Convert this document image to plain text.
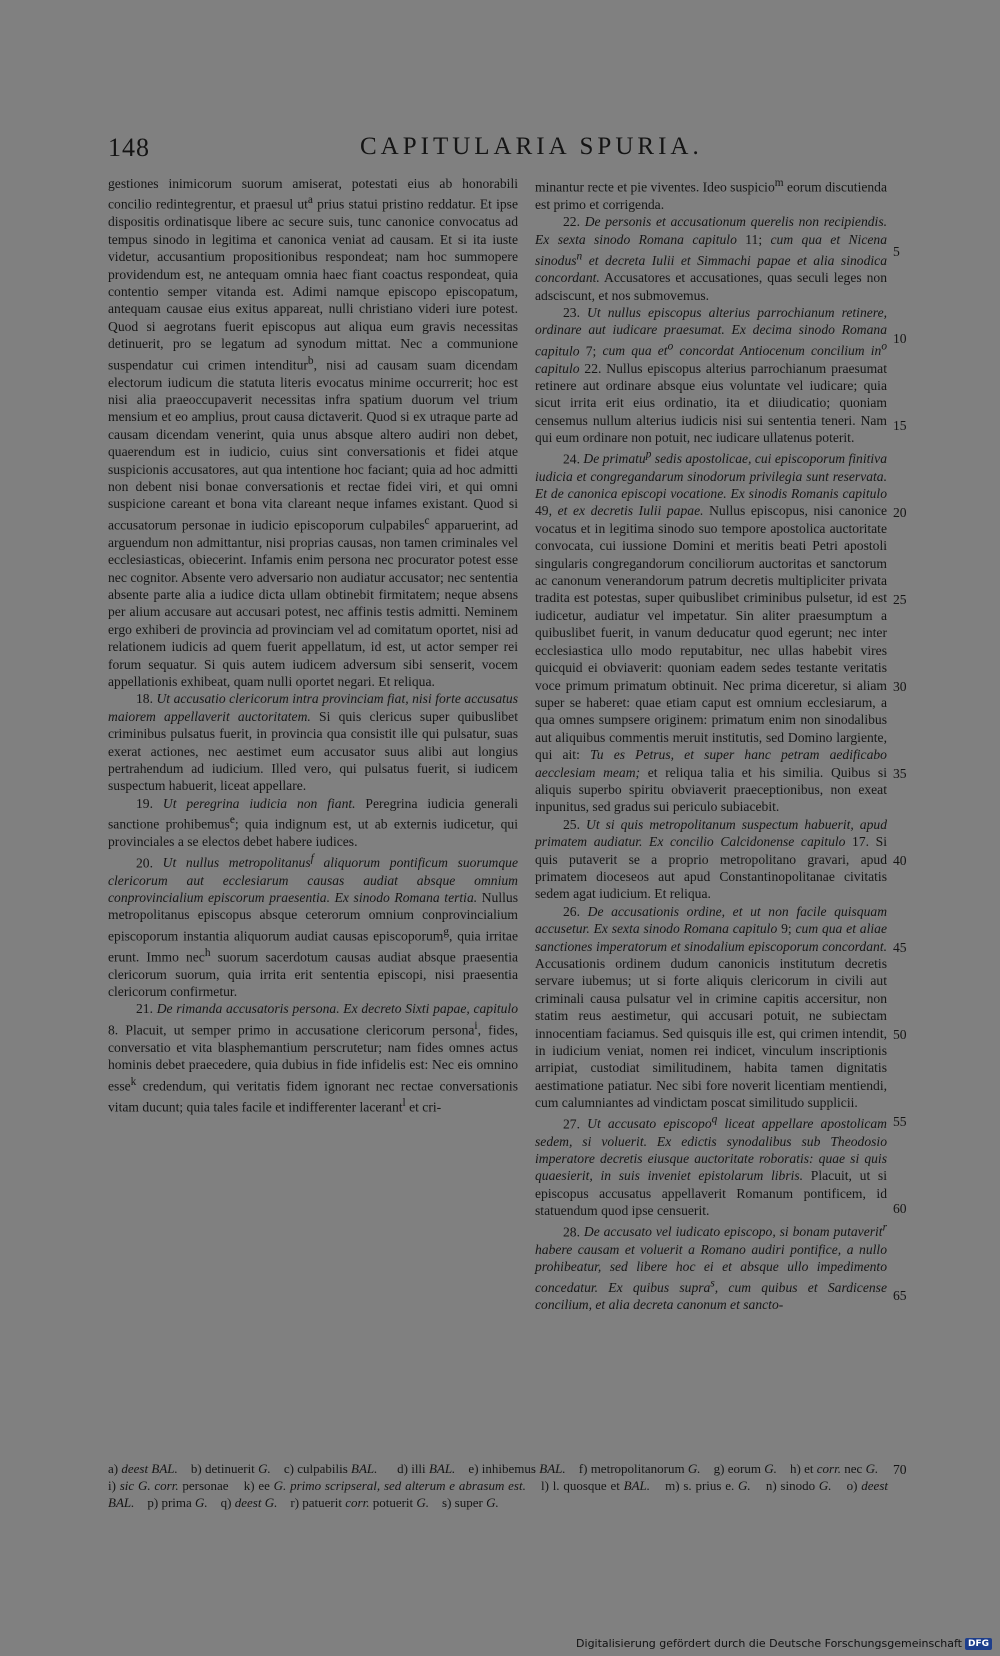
148	CAPITULARIA SPURIA.

gestiones inimicorum suorum amiserat, potestati eius ab honorabili concilio redintegrentur, et praesul $ut^a$ prius statui pristino reddatur. Et ipse dispositis ordinatisque libere ac secure suis, tunc canonice convocatus ad tempus sinodo in legitima et canonica veniat ad causam. Et si ita iuste videtur, accusantium propositionibus respondeat; nam hoc summopere providendum est, ne antequam omnia haec fiant coactus respondeat, quia contentio semper vitanda est. Adimi namque episcopo episcopatum, antequam causae eius exitus appareat, nulli christiano videri iure potest. Quod si aegrotans fuerit episcopus aut aliqua eum gravis necessitas detinuerit, pro se legatum ad synodum mittat. Nec a communione suspendatur cui crimen intenditur$^b$, nisi ad causam suam dicendam electorum iudicum die statuta literis evocatus minime occurrerit; hoc est nisi alia praeoccupaverit necessitas infra spatium duorum vel trium mensium et eo amplius, prout causa dictaverit. Quod si ex utraque parte ad causam dicendam venerint, quia unus absque altero audiri non debet, quaerendum est in iudicio, cuius sint conversationis et fidei atque suspicionis accusatores, aut qua intentione hoc faciant; quia ad hoc admitti non debent nisi bonae conversationis et rectae fidei viri, et qui omni suspicione careant et bona vita clareant neque infames existant. Quod si accusatorum personae in iudicio episcoporum culpabiles$^c$ apparuerint, ad arguendum non admittantur, nisi proprias causas, non tamen criminales vel ecclesiasticas, obiecerint. Infamis enim persona nec procurator potest esse nec cognitor. Absente vero adversario non audiatur accusator; nec sententia absente parte alia a iudice dicta ullam obtinebit firmitatem; neque absens per alium accusare aut accusari potest, nec affinis testis admitti. Neminem ergo exhiberi de provincia ad provinciam vel ad comitatum oportet, nisi ad relationem iudicis ad quem fuerit appellatum, id est, ut actor semper rei forum sequatur. Si quis autem iudicem adversum sibi senserit, vocem appellationis exhibeat, quam nulli oportet negari. Et reliqua.

18. Ut accusatio clericorum intra provinciam fiat, nisi forte accusatus maiorem appellaverit auctoritatem. Si quis clericus super quibuslibet criminibus pulsatus fuerit, in provincia qua consistit ille qui pulsatur, suas exerat actiones, nec aestimet eum accusator suus alibi aut longius pertrahendum ad iudicium. Illed vero, qui pulsatus fuerit, si iudicem suspectum habuerit, liceat appellare.

19. Ut peregrina iudicia non fiant. Peregrina iudicia generali sanctione prohibemus$^e$; quia indignum est, ut ab externis iudicetur, qui provinciales a se electos debet habere iudices.

20. Ut nullus metropolitanus$^f$ aliquorum pontificum suorumque clericorum aut ecclesiarum causas audiat absque omnium conprovincialium episcorum praesentia. Ex sinodo Romana tertia. Nullus metropolitanus episcopus absque ceterorum omnium conprovincialium episcoporum instantia aliquorum audiat causas episcoporum$^g$, quia irritae erunt. Immo nec$^h$ suorum sacerdotum causas audiat absque praesentia clericorum suorum, quia irrita erit sententia episcopi, nisi praesentia clericorum confirmetur.

21. De rimanda accusatoris persona. Ex decreto Sixti papae, capitulo 8. Placuit, ut semper primo in accusatione clericorum persona$^i$, fides, conversatio et vita blasphemantium perscrutetur; nam fides omnes actus hominis debet praecedere, quia dubius in fide infidelis est: Nec eis omnino esse$^k$ credendum, qui veritatis fidem ignorant nec rectae conversationis vitam ducunt; quia tales facile et indifferenter lacerant$^l$ et cri-

minantur recte et pie viventes. Ideo suspicio$^m$ eorum discutienda est primo et corrigenda.

22. De personis et accusationum querelis non recipiendis. Ex sexta sinodo Romana capitulo 11; cum qua et Nicena sinodus$^n$ et decreta Iulii et Simmachi papae et alia sinodica concordant. Accusatores et accusationes, quas seculi leges non adsciscunt, et nos submovemus.

23. Ut nullus episcopus alterius parrochianum retinere, ordinare aut iudicare praesumat. Ex decima sinodo Romana capitulo 7; cum qua $et^o$ concordat Antiocenum concilium $in^o$ capitulo 22. Nullus episcopus alterius parrochianum praesumat retinere aut ordinare absque eius voluntate vel iudicare; quia sicut irrita erit eius ordinatio, ita et diiudicatio; quoniam censemus nullum alterius iudicis nisi sui sententia teneri. Nam qui eum ordinare non potuit, nec iudicare ullatenus poterit.

24. De primatu$^p$ sedis apostolicae, cui episcoporum finitiva iudicia et congregandarum sinodorum privilegia sunt reservata. Et de canonica episcopi vocatione. Ex sinodis Romanis capitulo 49, et ex decretis Iulii papae. Nullus episcopus, nisi canonice vocatus et in legitima sinodo suo tempore apostolica auctoritate convocata, cui iussione Domini et meritis beati Petri apostoli singularis congregandorum conciliorum auctoritas et sanctorum ac canonum venerandorum patrum decretis multipliciter privata tradita est potestas, super quibuslibet criminibus pulsetur, id est iudicetur, audiatur vel impetatur. Sin aliter praesumptum a quibuslibet fuerit, in vanum deducatur quod egerunt; nec inter ecclesiastica ullo modo reputabitur, nec ullas habebit vires quicquid ei obviaverit: quoniam eadem sedes testante veritatis voce primum primatum obtinuit. Nec prima diceretur, si aliam super se haberet: quae etiam caput est omnium ecclesiarum, a qua omnes sumpsere originem: primatum enim non sinodalibus aut aliquibus commentis meruit institutis, sed Domino largiente, qui ait: Tu es Petrus, et super hanc petram aedificabo aecclesiam meam; et reliqua talia et his similia. Quibus si aliquis superbo spiritu obviaverit praeceptionibus, non exeat inpunitus, sed gradus sui periculo subiacebit.

25. Ut si quis metropolitanum suspectum habuerit, apud primatem audiatur. Ex concilio Calcidonense capitulo 17. Si quis putaverit se a proprio metropolitano gravari, apud primatem dioceseos aut apud Constantinopolitanae civitatis sedem agat iudicium. Et reliqua.

26. De accusationis ordine, et ut non facile quisquam accusetur. Ex sexta sinodo Romana capitulo 9; cum qua et aliae sanctiones imperatorum et sinodalium episcoporum concordant. Accusationis ordinem dudum canonicis institutum decretis servare iubemus; ut si forte aliquis clericorum in civili aut criminali causa pulsatur vel in crimine capitis accersitur, non statim reus aestimetur, qui accusari potuit, ne subiectam innocentiam faciamus. Sed quisquis ille est, qui crimen intendit, in iudicium veniat, nomen rei indicet, vinculum inscriptionis arripiat, custodiat similitudinem, habita tamen dignitatis aestimatione patiatur. Nec sibi fore noverit licentiam mentiendi, cum calumniantes ad vindictam poscat similitudo supplicii.

27. Ut accusato episcopo$^q$ liceat appellare apostolicam sedem, si voluerit. Ex edictis synodalibus sub Theodosio imperatore decretis eiusque auctoritate roboratis: quae si quis quaesierit, in suis inveniet epistolarum libris. Placuit, ut si episcopus accusatus appellaverit Romanum pontificem, id statuendum quod ipse censuerit.

28. De accusato vel iudicato episcopo, si bonam putaverit$^r$ habere causam et voluerit a Romano audiri pontifice, a nullo prohibeatur, sed libere hoc ei et absque ullo impedimento concedatur. Ex quibus supra$^s$, cum quibus et Sardicense concilium, et alia decreta canonum et sancto-

5
10
15
20
25
30
35
40
45
50
55
60
65
a) deest BAL.    b) detinuerit G.    c) culpabilis BAL.      d) illi BAL.    e) inhibemus BAL.    f) metropolitanorum G.    g) eorum G.    h) et corr. nec G.    i) sic G. corr. personae    k) ee G. primo scripseral, sed alterum e abrasum est.    l) l. quosque et BAL.    m) s. prius e. G.    n) sinodo G.    o) deest BAL.    p) prima G.    q) deest G.    r) patuerit corr. potuerit G.    s) super G.
70
Digitalisierung gefördert durch die Deutsche Forschungsgemeinschaft DFG
